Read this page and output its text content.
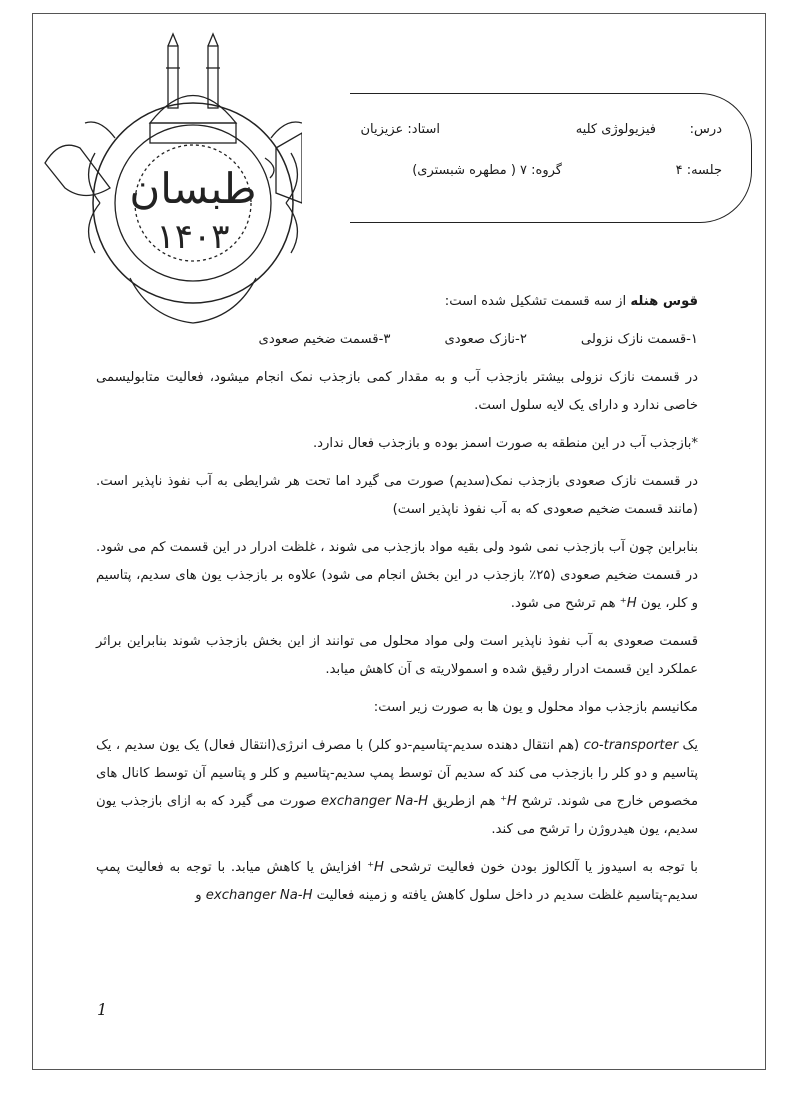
طبسان
۱۴۰۳
درس:
فیزیولوژی کلیه
استاد: عزیزیان
جلسه: ۴
گروه: ۷ ( مطهره شبستری)

قوس هنله از سه قسمت تشکیل شده است:

۱-قسمت نازک نزولی
۲-نازک صعودی
۳-قسمت ضخیم صعودی

در قسمت نازک نزولی بیشتر بازجذب آب و به مقدار کمی بازجذب نمک انجام میشود، فعالیت متابولیسمی خاصی ندارد و دارای یک لایه سلول است.

*بازجذب آب در این منطقه به صورت اسمز بوده و بازجذب فعال ندارد.

در قسمت نازک صعودی بازجذب نمک(سدیم) صورت می گیرد اما تحت هر شرایطی به آب نفوذ ناپذیر است.(مانند قسمت ضخیم صعودی که به آب نفوذ ناپذیر است)

بنابراین چون آب بازجذب نمی شود ولی بقیه مواد بازجذب می شوند ، غلظت ادرار در این قسمت کم می شود. در قسمت ضخیم صعودی (۲۵٪ بازجذب در این بخش انجام می شود) علاوه بر بازجذب یون های سدیم، پتاسیم و کلر، یون H⁺ هم ترشح می شود.

قسمت صعودی به آب نفوذ ناپذیر است ولی مواد محلول می توانند از این بخش بازجذب شوند بنابراین براثر عملکرد این قسمت ادرار رقیق شده و اسمولاریته ی آن کاهش میابد.

مکانیسم بازجذب مواد محلول و یون ها به صورت زیر است:

یک co-transporter (هم انتقال دهنده سدیم-پتاسیم-دو کلر) با مصرف انرژی(انتقال فعال) یک یون سدیم ، یک پتاسیم و دو کلر را بازجذب می کند که سدیم آن توسط پمپ سدیم-پتاسیم و کلر و پتاسیم آن توسط کانال های مخصوص خارج می شوند. ترشح H⁺ هم ازطریق exchanger Na-H صورت می گیرد که به ازای بازجذب یون سدیم، یون هیدروژن را ترشح می کند.

با توجه به اسیدوز یا آلکالوز بودن خون فعالیت ترشحی H⁺ افزایش یا کاهش میابد. با توجه به فعالیت پمپ سدیم-پتاسیم غلظت سدیم در داخل سلول کاهش یافته و زمینه فعالیت exchanger Na-H و

1
